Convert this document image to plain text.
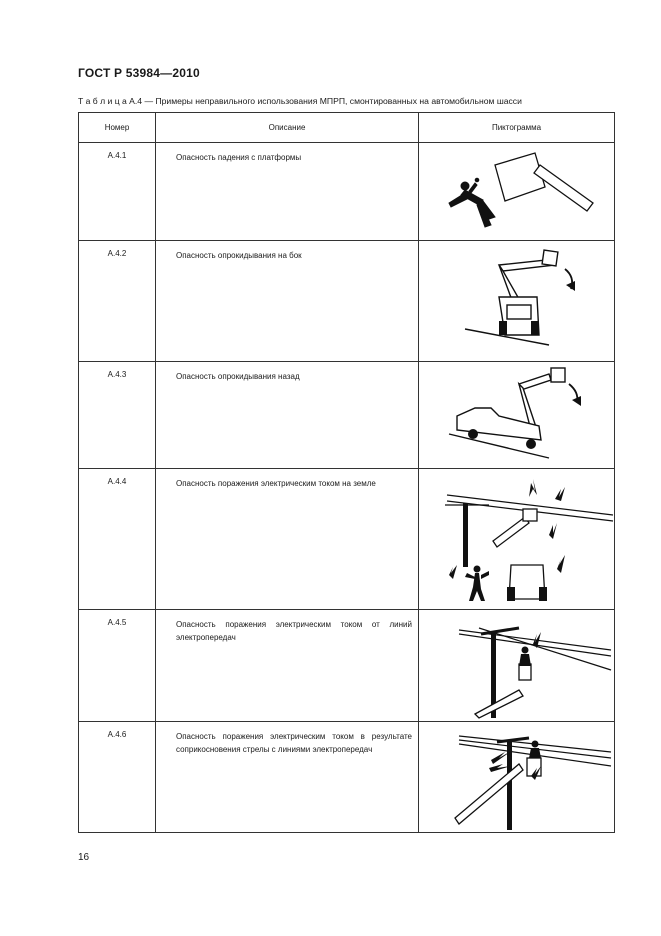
ГОСТ Р 53984—2010
Т а б л и ц а А.4 — Примеры неправильного использования МПРП, смонтированных на автомобильном шасси
Номер	Описание	Пиктограмма
А.4.1	Опасность падения с платформы	

А.4.2	Опасность опрокидывания на бок	

А.4.3	Опасность опрокидывания назад	

А.4.4	Опасность поражения электрическим током на земле	

А.4.5	Опасность поражения электрическим током от линий электропередач	

А.4.6	Опасность поражения электрическим током в результате соприкосновения стрелы с линиями электропередач	
16
